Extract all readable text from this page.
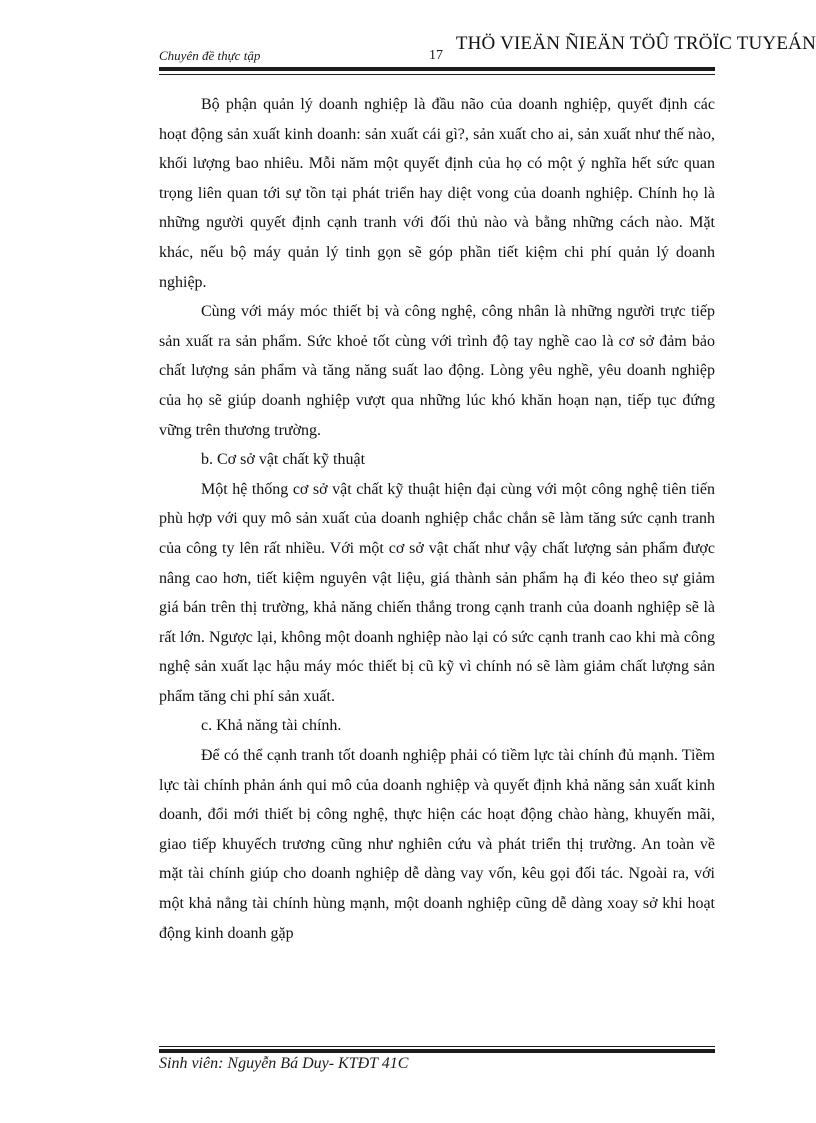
Chuyên đề thực tập	17
THÖ VIEÄN ÑIEÄN TÖÛ TRÖÏC TUYEÁN

Bộ phận quản lý doanh nghiệp là đầu não của doanh nghiệp, quyết định các hoạt động sản xuất kinh doanh: sản xuất cái gì?, sản xuất cho ai, sản xuất như thế nào, khối lượng bao nhiêu. Mỗi năm một quyết định của họ có một ý nghĩa hết sức quan trọng liên quan tới sự tồn tại phát triển hay diệt vong của doanh nghiệp. Chính họ là những người quyết định cạnh tranh với đối thủ nào và bằng những cách nào. Mặt khác, nếu bộ máy quản lý tinh gọn sẽ góp phần tiết kiệm chi phí quản lý doanh nghiệp.

Cùng với máy móc thiết bị và công nghệ, công nhân là những người trực tiếp sản xuất ra sản phẩm. Sức khoẻ tốt cùng với trình độ tay nghề cao là cơ sở đảm bảo chất lượng sản phẩm và tăng năng suất lao động. Lòng yêu nghề, yêu doanh nghiệp của họ sẽ giúp doanh nghiệp vượt qua những lúc khó khăn hoạn nạn, tiếp tục đứng vững trên thương trường.

b. Cơ sở vật chất kỹ thuật

Một hệ thống cơ sở vật chất kỹ thuật hiện đại cùng với một công nghệ tiên tiến phù hợp với quy mô sản xuất của doanh nghiệp chắc chắn sẽ làm tăng sức cạnh tranh của công ty lên rất nhiều. Với một cơ sở vật chất như vậy chất lượng sản phẩm được nâng cao hơn, tiết kiệm nguyên vật liệu, giá thành sản phẩm hạ đi kéo theo sự giảm giá bán trên thị trường, khả năng chiến thắng trong cạnh tranh của doanh nghiệp sẽ là rất lớn. Ngược lại, không một doanh nghiệp nào lại có sức cạnh tranh cao khi mà công nghệ sản xuất lạc hậu máy móc thiết bị cũ kỹ vì chính nó sẽ làm giảm chất lượng sản phẩm tăng chi phí sản xuất.

c. Khả năng tài chính.

Để có thể cạnh tranh tốt doanh nghiệp phải có tiềm lực tài chính đủ mạnh. Tiềm lực tài chính phản ánh qui mô của doanh nghiệp và quyết định khả năng sản xuất kinh doanh, đổi mới thiết bị công nghệ, thực hiện các hoạt động chào hàng, khuyến mãi, giao tiếp khuyếch trương cũng như nghiên cứu và phát triển thị trường. An toàn về mặt tài chính giúp cho doanh nghiệp dễ dàng vay vốn, kêu gọi đối tác. Ngoài ra, với một khả nẳng tài chính hùng mạnh, một doanh nghiệp cũng dễ dàng xoay sở khi hoạt động kinh doanh gặp

Sinh viên: Nguyễn Bá Duy- KTĐT 41C
